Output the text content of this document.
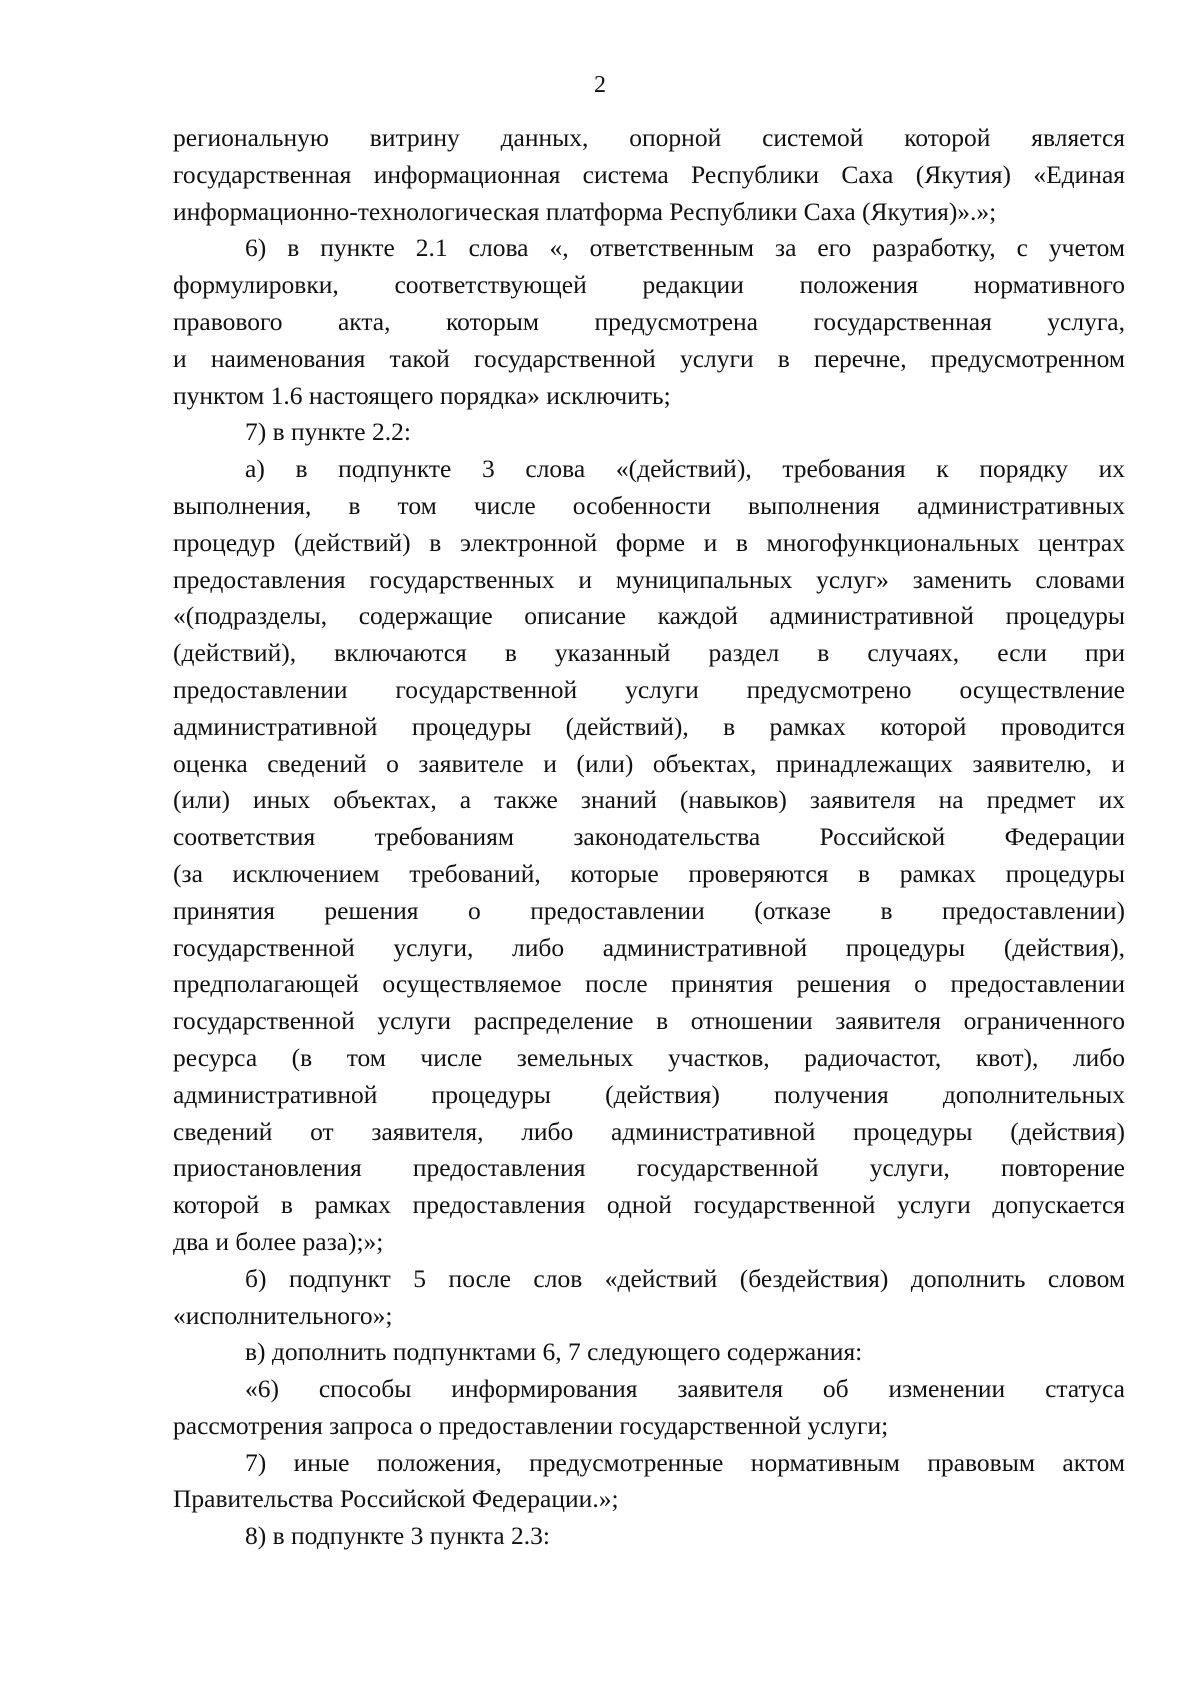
2
региональную витрину данных, опорной системой которой является
государственная информационная система Республики Саха (Якутия) «Единая
информационно-технологическая платформа Республики Саха (Якутия)».»;
6) в пункте 2.1 слова «, ответственным за его разработку, с учетом
формулировки, соответствующей редакции положения нормативного
правового акта, которым предусмотрена государственная услуга,
и наименования такой государственной услуги в перечне, предусмотренном
пунктом 1.6 настоящего порядка» исключить;
7) в пункте 2.2:
а) в подпункте 3 слова «(действий), требования к порядку их
выполнения, в том числе особенности выполнения административных
процедур (действий) в электронной форме и в многофункциональных центрах
предоставления государственных и муниципальных услуг» заменить словами
«(подразделы, содержащие описание каждой административной процедуры
(действий), включаются в указанный раздел в случаях, если при
предоставлении государственной услуги предусмотрено осуществление
административной процедуры (действий), в рамках которой проводится
оценка сведений о заявителе и (или) объектах, принадлежащих заявителю, и
(или) иных объектах, а также знаний (навыков) заявителя на предмет их
соответствия требованиям законодательства Российской Федерации
(за исключением требований, которые проверяются в рамках процедуры
принятия решения о предоставлении (отказе в предоставлении)
государственной услуги, либо административной процедуры (действия),
предполагающей осуществляемое после принятия решения о предоставлении
государственной услуги распределение в отношении заявителя ограниченного
ресурса (в том числе земельных участков, радиочастот, квот), либо
административной процедуры (действия) получения дополнительных
сведений от заявителя, либо административной процедуры (действия)
приостановления предоставления государственной услуги, повторение
которой в рамках предоставления одной государственной услуги допускается
два и более раза);»;
б) подпункт 5 после слов «действий (бездействия) дополнить словом
«исполнительного»;
в) дополнить подпунктами 6, 7 следующего содержания:
«6) способы информирования заявителя об изменении статуса
рассмотрения запроса о предоставлении государственной услуги;
7) иные положения, предусмотренные нормативным правовым актом
Правительства Российской Федерации.»;
8) в подпункте 3 пункта 2.3:
